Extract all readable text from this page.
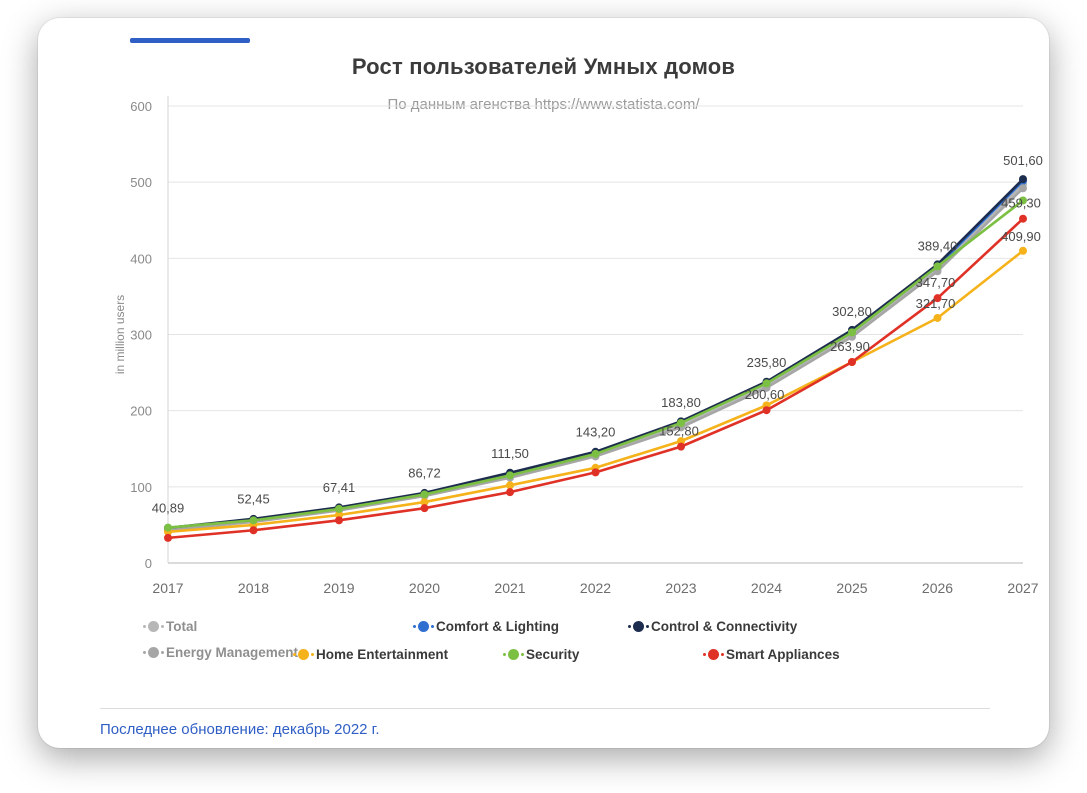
Рост пользователей Умных домов
По данным агенства https://www.statista.com/
0
100
200
300
400
500
600
in million users
2017	2018	2019	2020	2021	2022	2023	2024	2025	2026	2027
40,89
52,45
67,41
86,72
111,50
143,20
183,80
235,80
302,80
389,40
501,60
152,80
200,60
263,90
347,70
459,30
321,70
409,90
Total	Comfort & Lighting	Control & Connectivity
Energy Management Home Entertainment	Security	Smart Appliances
Последнее обновление: декабрь 2022 г.
